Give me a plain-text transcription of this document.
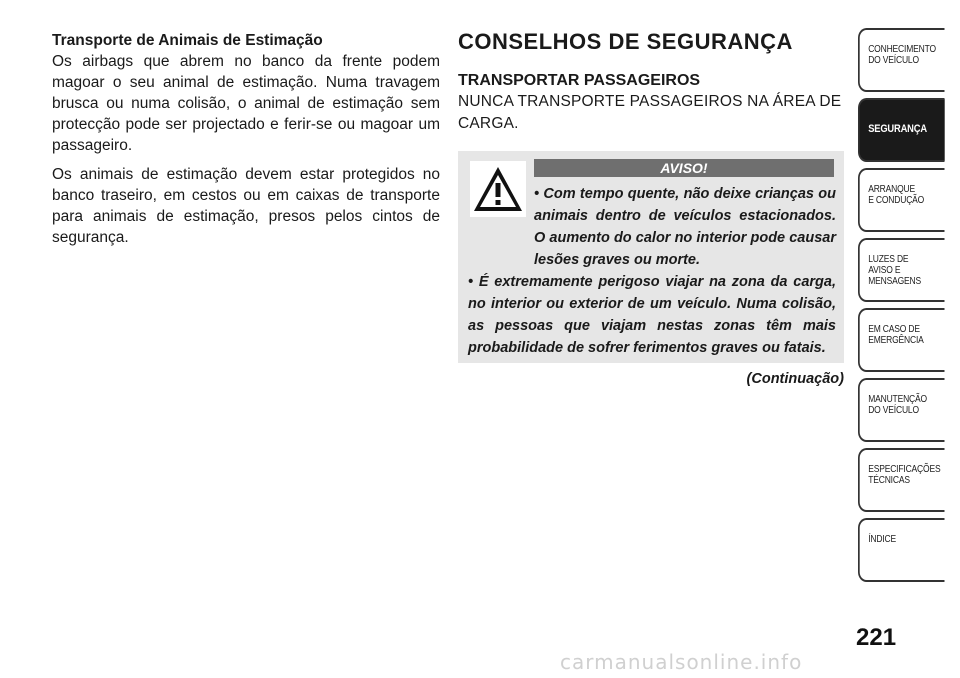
Transporte de Animais de Estimação

Os airbags que abrem no banco da frente podem magoar o seu animal de estimação. Numa travagem brusca ou numa colisão, o animal de estimação sem protecção pode ser projectado e ferir-se ou magoar um passageiro.

Os animais de estimação devem estar protegidos no banco traseiro, em cestos ou em caixas de transporte para animais de estimação, presos pelos cintos de segurança.

CONSELHOS DE SEGURANÇA
TRANSPORTAR PASSAGEIROS

NUNCA TRANSPORTE PASSAGEIROS NA ÁREA DE CARGA.

AVISO!
• Com tempo quente, não deixe crianças ou animais dentro de veículos estacionados. O aumento do calor no interior pode causar lesões graves ou morte.
• É extremamente perigoso viajar na zona da carga, no interior ou exterior de um veículo. Numa colisão, as pessoas que viajam nestas zonas têm mais probabilidade de sofrer ferimentos graves ou fatais.
(Continuação)
CONHECIMENTO
DO VEÍCULO
SEGURANÇA
ARRANQUE
E CONDUÇÃO
LUZES DE
AVISO E
MENSAGENS
EM CASO DE
EMERGÊNCIA
MANUTENÇÃO
DO VEÍCULO
ESPECIFICAÇÕES
TÉCNICAS
ÍNDICE
221
carmanualsonline.info
